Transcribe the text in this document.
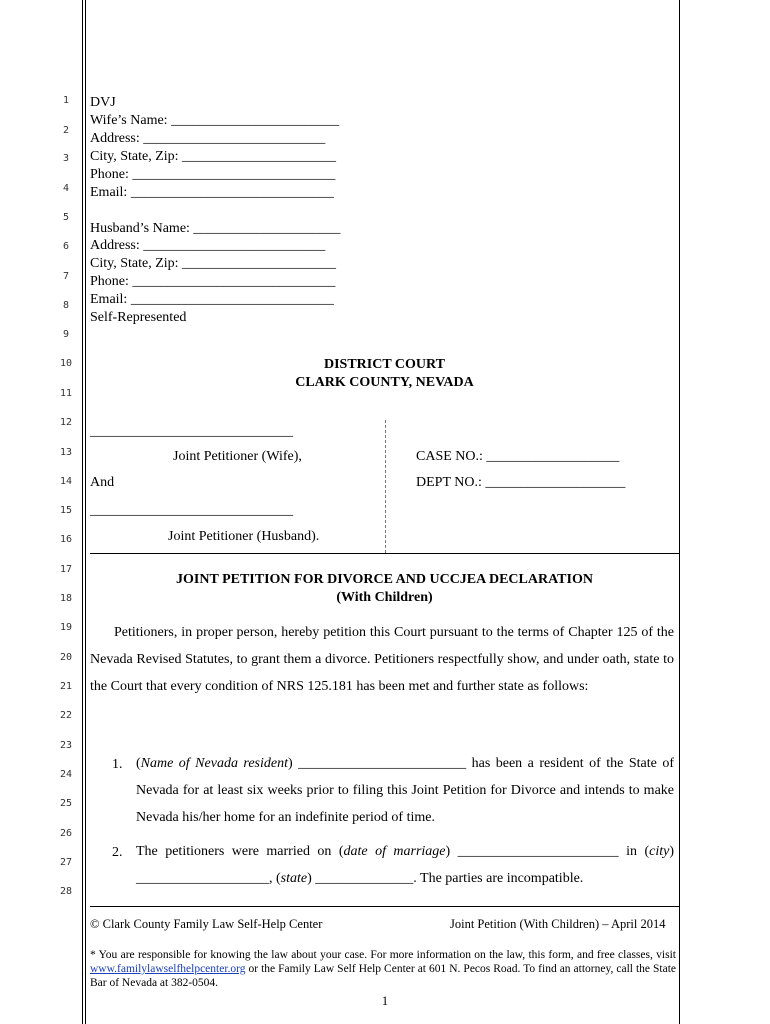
1
2
3
4
5
6
7
8
9
10
11
12
13
14
15
16
17
18
19
20
21
22
23
24
25
26
27
28
DVJ
Wife’s Name: ________________________
Address: __________________________
City, State, Zip: ______________________
Phone: _____________________________
Email: _____________________________
Husband’s Name: _____________________
Address: __________________________
City, State, Zip: ______________________
Phone: _____________________________
Email: _____________________________
Self-Represented
DISTRICT COURT
CLARK COUNTY, NEVADA
_____________________________
Joint Petitioner (Wife),
And
_____________________________
Joint Petitioner (Husband).
CASE NO.: ___________________
DEPT NO.: ____________________
JOINT PETITION FOR DIVORCE AND UCCJEA DECLARATION
(With Children)
Petitioners, in proper person, hereby petition this Court pursuant to the terms of Chapter 125 of the Nevada Revised Statutes, to grant them a divorce. Petitioners respectfully show, and under oath, state to the Court that every condition of NRS 125.181 has been met and further state as follows:
1. (Name of Nevada resident) ________________________ has been a resident of the State of Nevada for at least six weeks prior to filing this Joint Petition for Divorce and intends to make Nevada his/her home for an indefinite period of time.
2. The petitioners were married on (date of marriage) _______________________ in (city) ___________________, (state) ______________. The parties are incompatible.
© Clark County Family Law Self-Help Center	Joint Petition (With Children) – April 2014
* You are responsible for knowing the law about your case. For more information on the law, this form, and free classes, visit www.familylawselfhelpcenter.org or the Family Law Self Help Center at 601 N. Pecos Road. To find an attorney, call the State Bar of Nevada at 382-0504.
1
